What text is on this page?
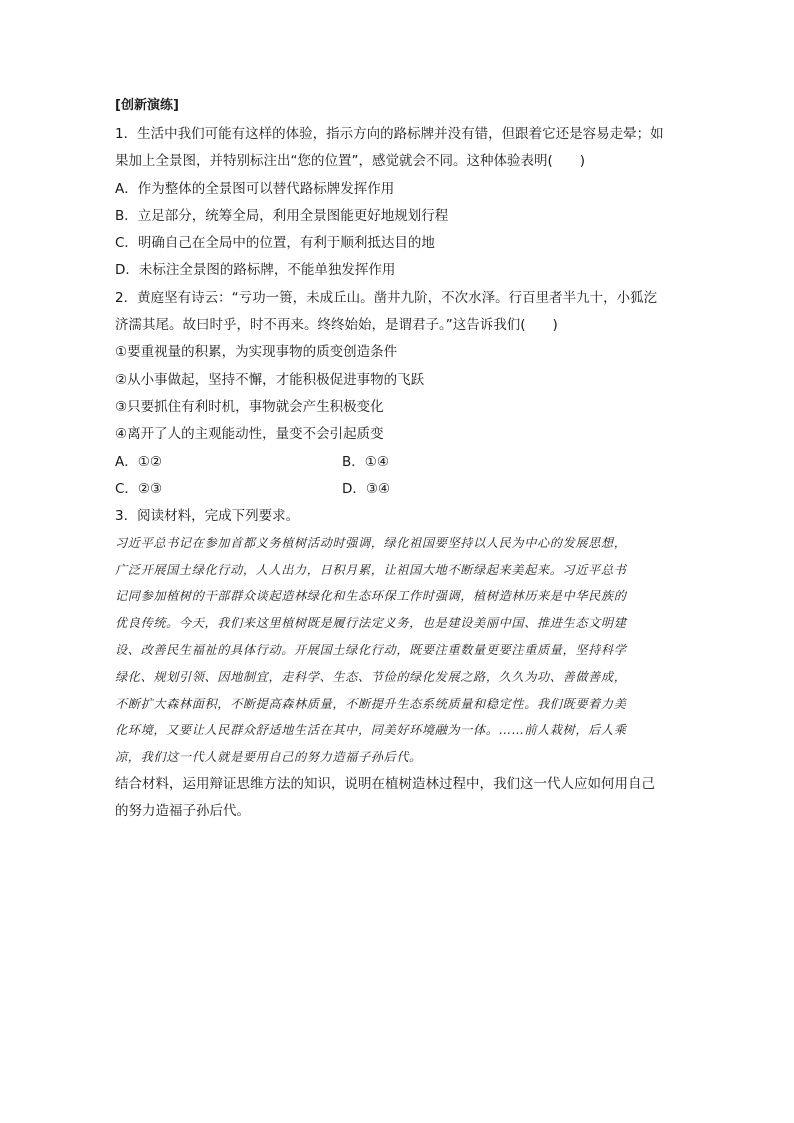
[创新演练]
1．生活中我们可能有这样的体验，指示方向的路标牌并没有错，但跟着它还是容易走晕；如
果加上全景图，并特别标注出“您的位置”，感觉就会不同。这种体验表明(　　)
A．作为整体的全景图可以替代路标牌发挥作用
B．立足部分，统筹全局，利用全景图能更好地规划行程
C．明确自己在全局中的位置，有利于顺利抵达目的地
D．未标注全景图的路标牌，不能单独发挥作用
2．黄庭坚有诗云：“亏功一篑，未成丘山。凿井九阶，不次水泽。行百里者半九十，小狐汔
济濡其尾。故曰时乎，时不再来。终终始始，是谓君子。”这告诉我们(　　)
①要重视量的积累，为实现事物的质变创造条件
②从小事做起，坚持不懈，才能积极促进事物的飞跃
③只要抓住有利时机，事物就会产生积极变化
④离开了人的主观能动性，量变不会引起质变
A．①②	B．①④
C．②③	D．③④
3．阅读材料，完成下列要求。
习近平总书记在参加首都义务植树活动时强调，绿化祖国要坚持以人民为中心的发展思想，
广泛开展国土绿化行动，人人出力，日积月累，让祖国大地不断绿起来美起来。习近平总书
记同参加植树的干部群众谈起造林绿化和生态环保工作时强调，植树造林历来是中华民族的
优良传统。今天，我们来这里植树既是履行法定义务，也是建设美丽中国、推进生态文明建
设、改善民生福祉的具体行动。开展国土绿化行动，既要注重数量更要注重质量，坚持科学
绿化、规划引领、因地制宜，走科学、生态、节俭的绿化发展之路，久久为功、善做善成，
不断扩大森林面积，不断提高森林质量，不断提升生态系统质量和稳定性。我们既要着力美
化环境，又要让人民群众舒适地生活在其中，同美好环境融为一体。……前人栽树，后人乘
凉，我们这一代人就是要用自己的努力造福子孙后代。
结合材料，运用辩证思维方法的知识，说明在植树造林过程中，我们这一代人应如何用自己
的努力造福子孙后代。
